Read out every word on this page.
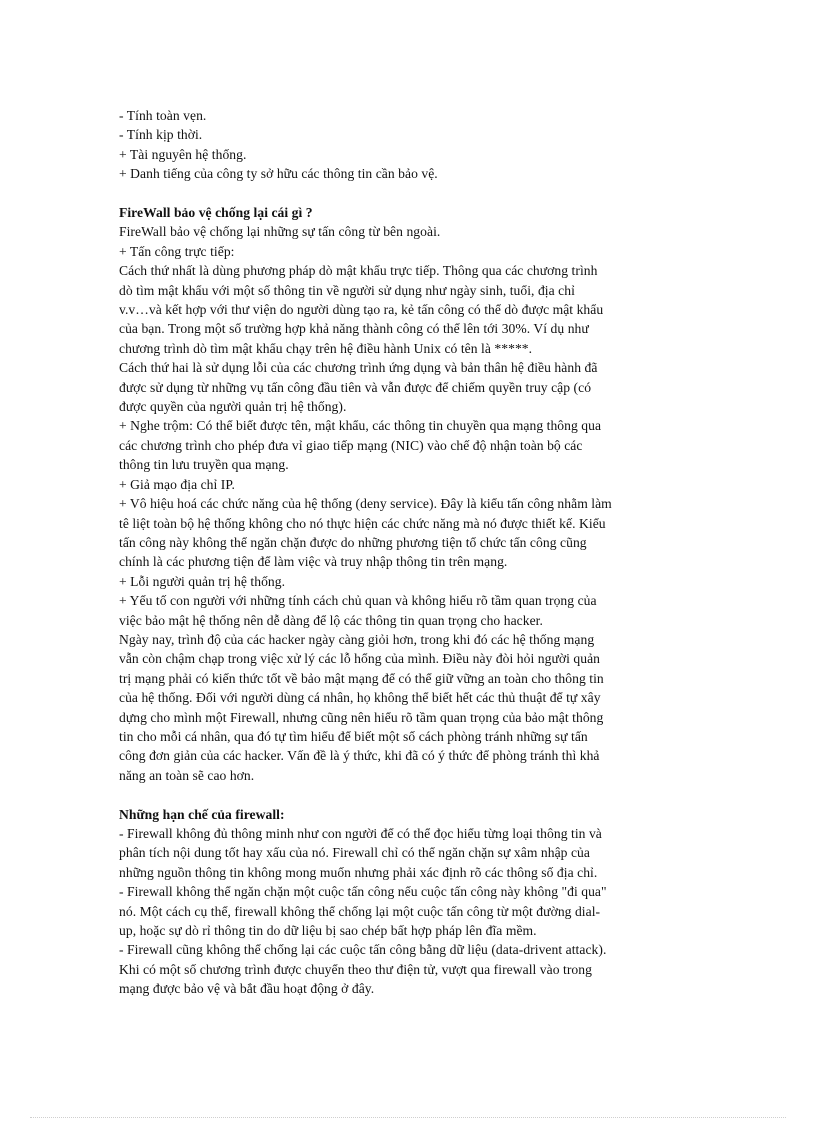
- Tính toàn vẹn.
- Tính kịp thời.
+ Tài nguyên hệ thống.
+ Danh tiếng của công ty sở hữu các thông tin cần bảo vệ.
FireWall bảo vệ chống lại cái gì ?
FireWall bảo vệ chống lại những sự tấn công từ bên ngoài.
+ Tấn công trực tiếp:
Cách thứ nhất là dùng phương pháp dò mật khẩu trực tiếp. Thông qua các chương trình
dò tìm mật khẩu với một số thông tin về người sử dụng như ngày sinh, tuổi, địa chỉ
v.v…và kết hợp với thư viện do người dùng tạo ra, kẻ tấn công có thể dò được mật khẩu
của bạn. Trong một số trường hợp khả năng thành công có thể lên tới 30%. Ví dụ như
chương trình dò tìm mật khẩu chạy trên hệ điều hành Unix có tên là *****.
Cách thứ hai là sử dụng lỗi của các chương trình ứng dụng và bản thân hệ điều hành đã
được sử dụng từ những vụ tấn công đầu tiên và vẫn được để chiếm quyền truy cập (có
được quyền của người quản trị hệ thống).
+ Nghe trộm: Có thể biết được tên, mật khẩu, các thông tin chuyền qua mạng thông qua
các chương trình cho phép đưa vỉ giao tiếp mạng (NIC) vào chế độ nhận toàn bộ các
thông tin lưu truyền qua mạng.
+ Giả mạo địa chỉ IP.
+ Vô hiệu hoá các chức năng của hệ thống (deny service). Đây là kiểu tấn công nhằm làm
tê liệt toàn bộ hệ thống không cho nó thực hiện các chức năng mà nó được thiết kế. Kiểu
tấn công này không thể ngăn chặn được do những phương tiện tổ chức tấn công cũng
chính là các phương tiện để làm việc và truy nhập thông tin trên mạng.
+ Lỗi người quản trị hệ thống.
+ Yếu tố con người với những tính cách chủ quan và không hiểu rõ tầm quan trọng của
việc bảo mật hệ thống nên dễ dàng để lộ các thông tin quan trọng cho hacker.
Ngày nay, trình độ của các hacker ngày càng giỏi hơn, trong khi đó các hệ thống mạng
vẫn còn chậm chạp trong việc xử lý các lỗ hổng của mình. Điều này đòi hỏi người quản
trị mạng phải có kiến thức tốt về bảo mật mạng để có thể giữ vững an toàn cho thông tin
của hệ thống. Đối với người dùng cá nhân, họ không thể biết hết các thủ thuật để tự xây
dựng cho mình một Firewall, nhưng cũng nên hiểu rõ tầm quan trọng của bảo mật thông
tin cho mỗi cá nhân, qua đó tự tìm hiểu để biết một số cách phòng tránh những sự tấn
công đơn giản của các hacker. Vấn đề là ý thức, khi đã có ý thức để phòng tránh thì khả
năng an toàn sẽ cao hơn.
Những hạn chế của firewall:
- Firewall không đủ thông minh như con người để có thể đọc hiểu từng loại thông tin và
phân tích nội dung tốt hay xấu của nó. Firewall chỉ có thể ngăn chặn sự xâm nhập của
những nguồn thông tin không mong muốn nhưng phải xác định rõ các thông số địa chỉ.
- Firewall không thể ngăn chặn một cuộc tấn công nếu cuộc tấn công này không "đi qua"
nó. Một cách cụ thể, firewall không thể chống lại một cuộc tấn công từ một đường dial-
up, hoặc sự dò rỉ thông tin do dữ liệu bị sao chép bất hợp pháp lên đĩa mềm.
- Firewall cũng không thể chống lại các cuộc tấn công bằng dữ liệu (data-drivent attack).
Khi có một số chương trình được chuyển theo thư điện tử, vượt qua firewall vào trong
mạng được bảo vệ và bắt đầu hoạt động ở đây.
